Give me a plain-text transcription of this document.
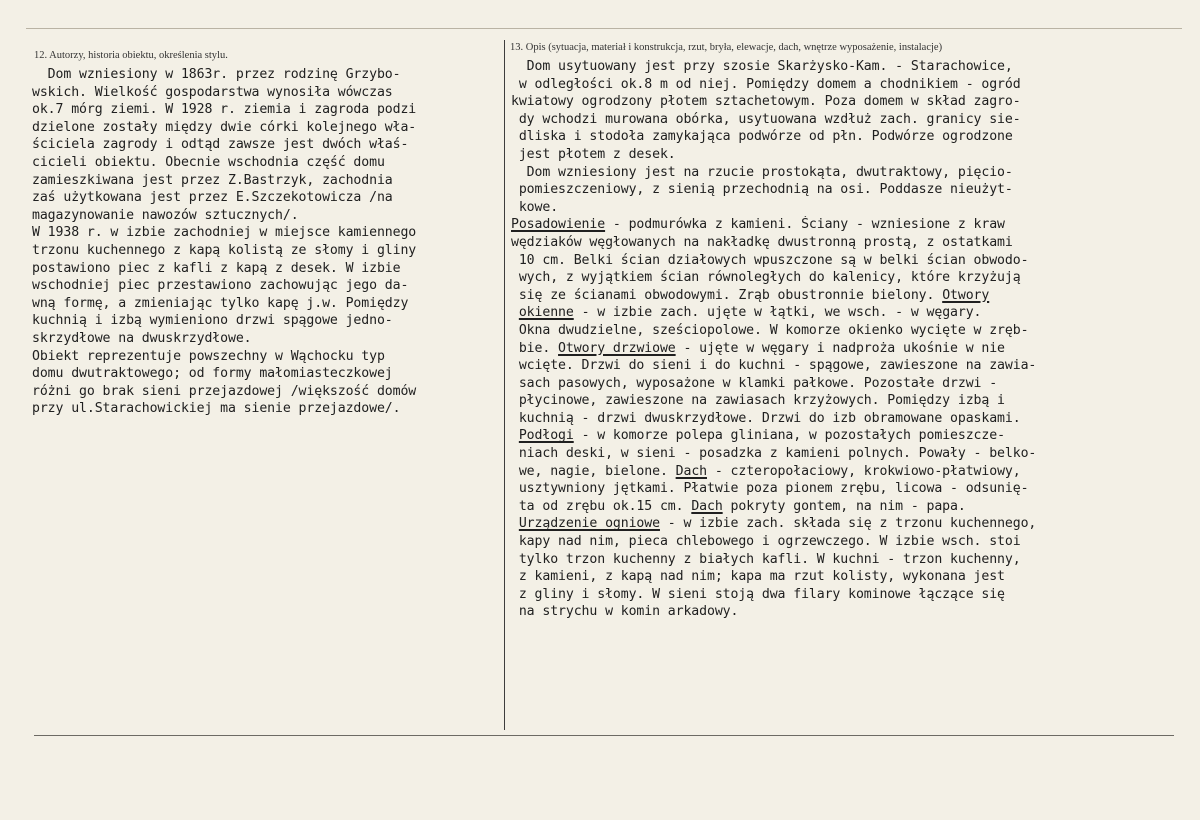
12. Autorzy, historia obiektu, określenia stylu.
13. Opis (sytuacja, materiał i konstrukcja, rzut, bryła, elewacje, dach, wnętrze wyposażenie, instalacje)
Dom wzniesiony w 1863r. przez rodzinę Grzybo-
wskich. Wielkość gospodarstwa wynosiła wówczas
ok.7 mórg ziemi. W 1928 r. ziemia i zagroda podzi
dzielone zostały między dwie córki kolejnego wła-
ściciela zagrody i odtąd zawsze jest dwóch właś-
cicieli obiektu. Obecnie wschodnia część domu
zamieszkiwana jest przez Z.Bastrzyk, zachodnia
zaś użytkowana jest przez E.Szczekotowicza /na
magazynowanie nawozów sztucznych/.
W 1938 r. w izbie zachodniej w miejsce kamiennego
trzonu kuchennego z kapą kolistą ze słomy i gliny
postawiono piec z kafli z kapą z desek. W izbie
wschodniej piec przestawiono zachowując jego da-
wną formę, a zmieniając tylko kapę j.w. Pomiędzy
kuchnią i izbą wymieniono drzwi spągowe jedno-
skrzydłowe na dwuskrzydłowe.
Obiekt reprezentuje powszechny w Wąchocku typ
domu dwutraktowego; od formy małomiasteczkowej
różni go brak sieni przejazdowej /większość domów
przy ul.Starachowickiej ma sienie przejazdowe/.
Dom usytuowany jest przy szosie Skarżysko-Kam. - Starachowice,
w odległości ok.8 m od niej. Pomiędzy domem a chodnikiem - ogród
kwiatowy ogrodzony płotem sztachetowym. Poza domem w skład zagro-
dy wchodzi murowana obórka, usytuowana wzdłuż zach. granicy sie-
dliska i stodoła zamykająca podwórze od płn. Podwórze ogrodzone
jest płotem z desek.
Dom wzniesiony jest na rzucie prostokąta, dwutraktowy, pięcio-
pomieszczeniowy, z sienią przechodnią na osi. Poddasze nieużyt-
kowe.
Posadowienie - podmurówka z kamieni. Ściany - wzniesione z kraw
wędziaków węgłowanych na nakładkę dwustronną prostą, z ostatkami
10 cm. Belki ścian działowych wpuszczone są w belki ścian obwodo-
wych, z wyjątkiem ścian równoległych do kalenicy, które krzyżują
się ze ścianami obwodowymi. Zrąb obustronnie bielony. Otwory
okienne - w izbie zach. ujęte w łątki, we wsch. - w węgary.
Okna dwudzielne, sześciopolowe. W komorze okienko wycięte w zręb-
bie. Otwory drzwiowe - ujęte w węgary i nadproża ukośnie w nie
wcięte. Drzwi do sieni i do kuchni - spągowe, zawieszone na zawia-
sach pasowych, wyposażone w klamki pałkowe. Pozostałe drzwi -
płycinowe, zawieszone na zawiasach krzyżowych. Pomiędzy izbą i
kuchnią - drzwi dwuskrzydłowe. Drzwi do izb obramowane opaskami.
Podłogi - w komorze polepa gliniana, w pozostałych pomieszcze-
niach deski, w sieni - posadzka z kamieni polnych. Powały - belko-
we, nagie, bielone. Dach - czteropołaciowy, krokwiowo-płatwiowy,
usztywniony jętkami. Płatwie poza pionem zrębu, licowa - odsunię-
ta od zrębu ok.15 cm. Dach pokryty gontem, na nim - papa.
Urządzenie ogniowe - w izbie zach. składa się z trzonu kuchennego,
kapy nad nim, pieca chlebowego i ogrzewczego. W izbie wsch. stoi
tylko trzon kuchenny z białych kafli. W kuchni - trzon kuchenny,
z kamieni, z kapą nad nim; kapa ma rzut kolisty, wykonana jest
z gliny i słomy. W sieni stoją dwa filary kominowe łączące się
na strychu w komin arkadowy.
